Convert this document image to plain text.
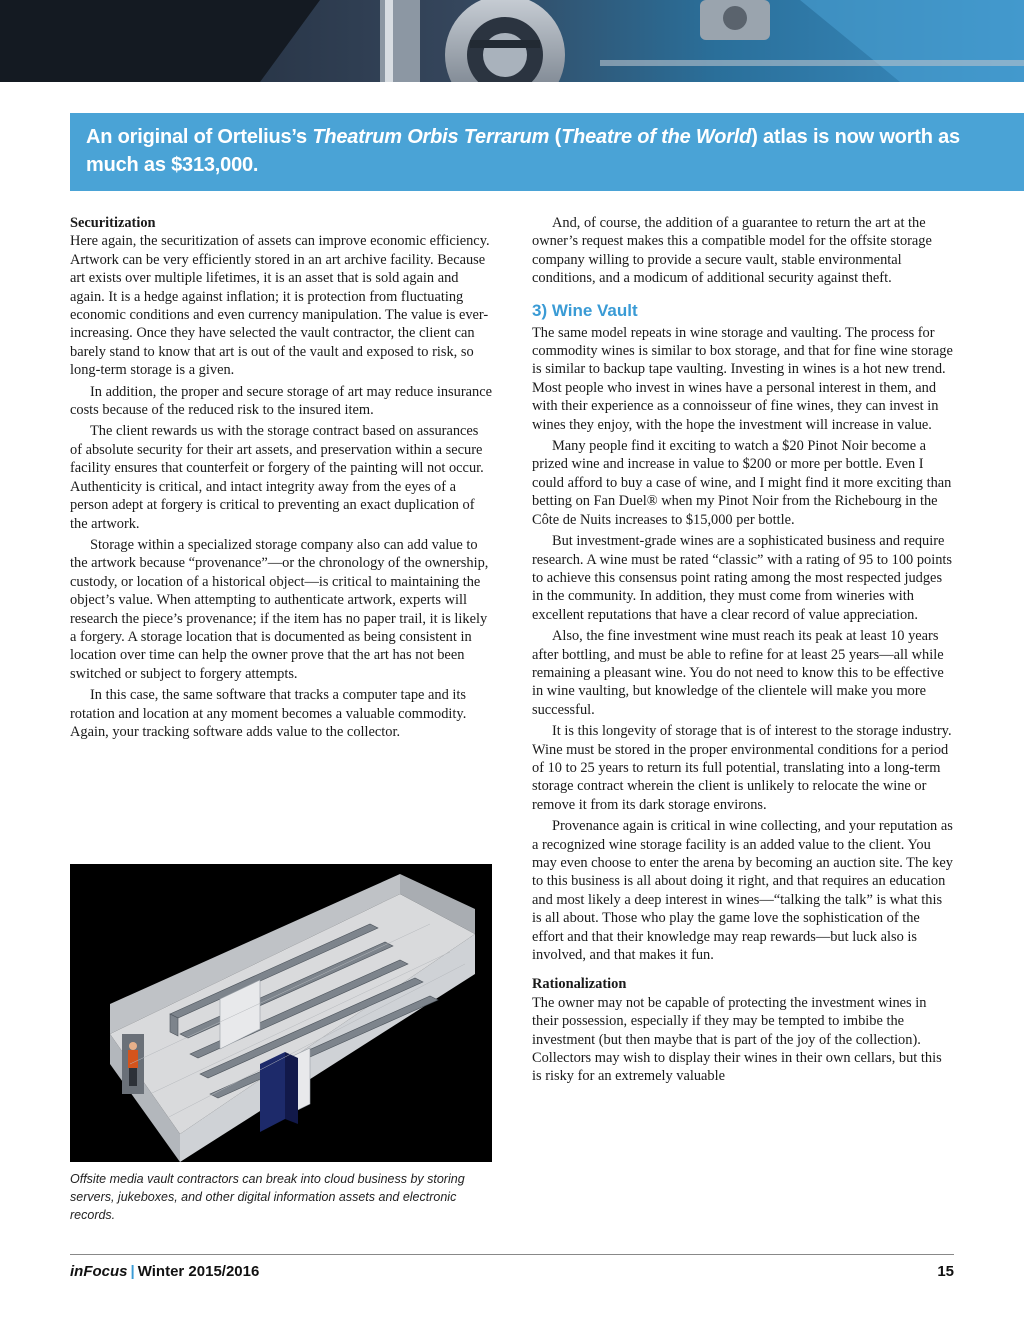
An original of Ortelius’s Theatrum Orbis Terrarum (Theatre of the World) atlas is now worth as much as $313,000.
Securitization

Here again, the securitization of assets can improve economic efficiency. Artwork can be very efficiently stored in an art archive facility. Because art exists over multiple lifetimes, it is an asset that is sold again and again. It is a hedge against inflation; it is protection from fluctuating economic conditions and even currency manipulation. The value is ever-increasing. Once they have selected the vault contractor, the client can barely stand to know that art is out of the vault and exposed to risk, so long-term storage is a given.

In addition, the proper and secure storage of art may reduce insurance costs because of the reduced risk to the insured item.

The client rewards us with the storage contract based on assurances of absolute security for their art assets, and preservation within a secure facility ensures that counterfeit or forgery of the painting will not occur. Authenticity is critical, and intact integrity away from the eyes of a person adept at forgery is critical to preventing an exact duplication of the artwork.

Storage within a specialized storage company also can add value to the artwork because “provenance”—or the chronology of the ownership, custody, or location of a historical object—is critical to maintaining the object’s value. When attempting to authenticate artwork, experts will research the piece’s provenance; if the item has no paper trail, it is likely a forgery. A storage location that is documented as being consistent in location over time can help the owner prove that the art has not been switched or subject to forgery attempts.

In this case, the same software that tracks a computer tape and its rotation and location at any moment becomes a valuable commodity. Again, your tracking software adds value to the collector.

Offsite media vault contractors can break into cloud business by storing servers, jukeboxes, and other digital information assets and electronic records.

And, of course, the addition of a guarantee to return the art at the owner’s request makes this a compatible model for the offsite storage company willing to provide a secure vault, stable environmental conditions, and a modicum of additional security against theft.

3) Wine Vault

The same model repeats in wine storage and vaulting. The process for commodity wines is similar to box storage, and that for fine wine storage is similar to backup tape vaulting. Investing in wines is a hot new trend. Most people who invest in wines have a personal interest in them, and with their experience as a connoisseur of fine wines, they can invest in wines they enjoy, with the hope the investment will increase in value.

Many people find it exciting to watch a $20 Pinot Noir become a prized wine and increase in value to $200 or more per bottle. Even I could afford to buy a case of wine, and I might find it more exciting than betting on Fan Duel® when my Pinot Noir from the Richebourg in the Côte de Nuits increases to $15,000 per bottle.

But investment-grade wines are a sophisticated business and require research. A wine must be rated “classic” with a rating of 95 to 100 points to achieve this consensus point rating among the most respected judges in the community. In addition, they must come from wineries with excellent reputations that have a clear record of value appreciation.

Also, the fine investment wine must reach its peak at least 10 years after bottling, and must be able to refine for at least 25 years—all while remaining a pleasant wine. You do not need to know this to be effective in wine vaulting, but knowledge of the clientele will make you more successful.

It is this longevity of storage that is of interest to the storage industry. Wine must be stored in the proper environmental conditions for a period of 10 to 25 years to return its full potential, translating into a long-term storage contract wherein the client is unlikely to relocate the wine or remove it from its dark storage environs.

Provenance again is critical in wine collecting, and your reputation as a recognized wine storage facility is an added value to the client. You may even choose to enter the arena by becoming an auction site. The key to this business is all about doing it right, and that requires an education and most likely a deep interest in wines—“talking the talk” is what this is all about. Those who play the game love the sophistication of the effort and that their knowledge may reap rewards—but luck also is involved, and that makes it fun.

Rationalization

The owner may not be capable of protecting the investment wines in their possession, especially if they may be tempted to imbibe the investment (but then maybe that is part of the joy of the collection). Collectors may wish to display their wines in their own cellars, but this is risky for an extremely valuable

inFocus | Winter 2015/2016	15
